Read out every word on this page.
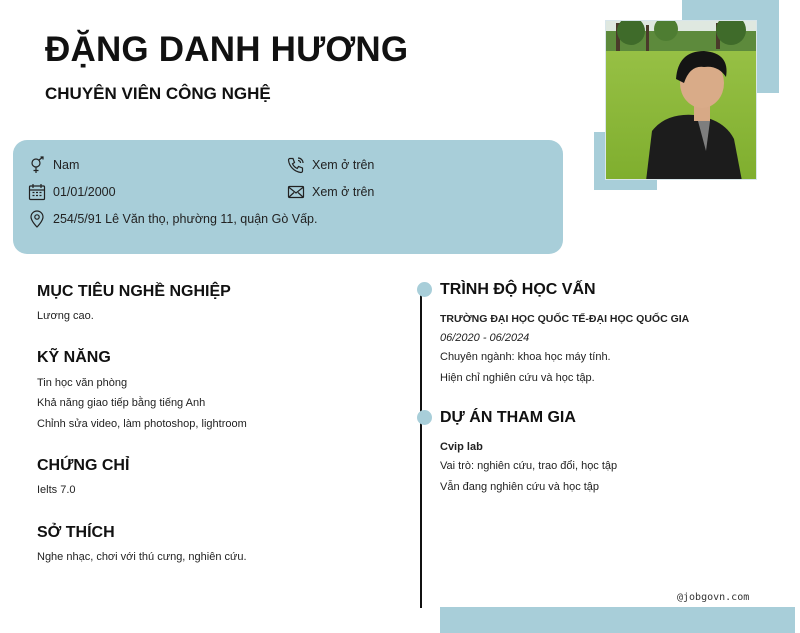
ĐẶNG DANH HƯƠNG
CHUYÊN VIÊN CÔNG NGHỆ
Nam	Xem ở trên
01/01/2000	Xem ở trên
254/5/91 Lê Văn thọ, phường 11, quận Gò Vấp.
MỤC TIÊU NGHỀ NGHIỆP
Lương cao.
KỸ NĂNG
Tin học văn phòng
Khả năng giao tiếp bằng tiếng Anh
Chỉnh sửa video, làm photoshop, lightroom
CHỨNG CHỈ
Ielts 7.0
SỞ THÍCH
Nghe nhạc, chơi với thú cưng, nghiên cứu.
TRÌNH ĐỘ HỌC VẤN
TRƯỜNG ĐẠI HỌC QUỐC TẾ-ĐẠI HỌC QUỐC GIA
06/2020 - 06/2024
Chuyên ngành: khoa học máy tính.
Hiện chỉ nghiên cứu và học tập.
DỰ ÁN THAM GIA
Cvip lab
Vai trò: nghiên cứu, trao đổi, học tập
Vẫn đang nghiên cứu và học tập
@jobgovn.com
